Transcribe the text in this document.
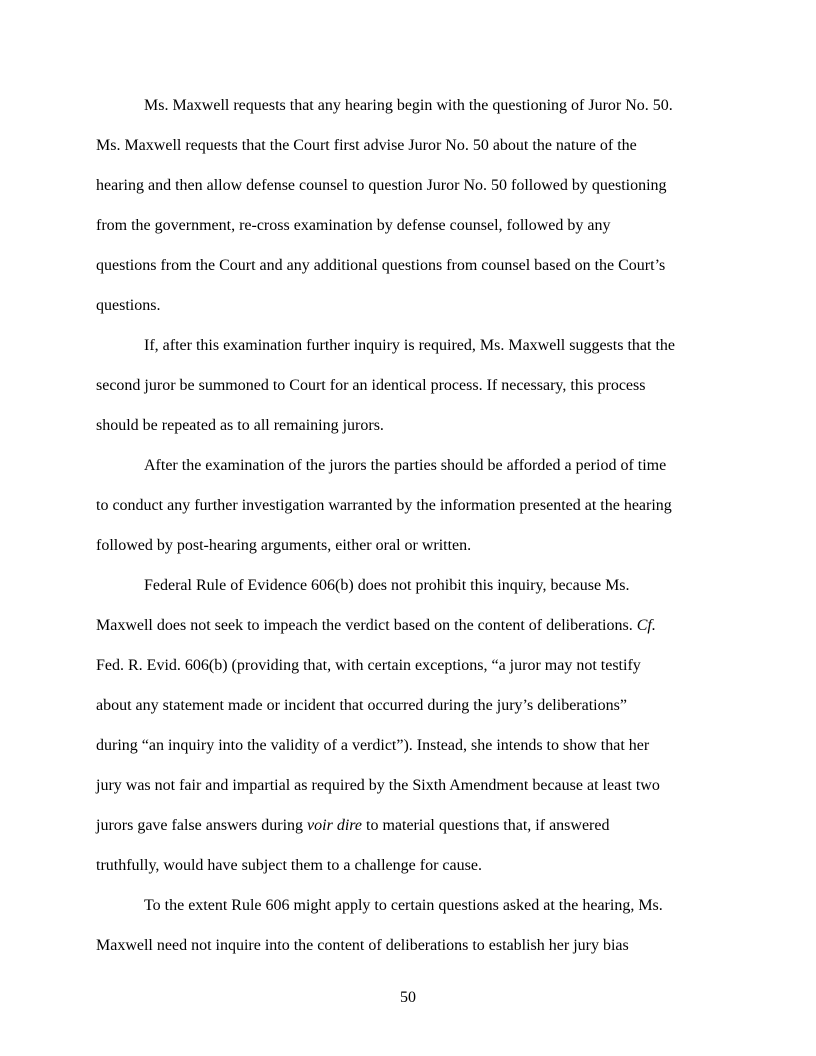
Ms. Maxwell requests that any hearing begin with the questioning of Juror No. 50.

Ms. Maxwell requests that the Court first advise Juror No. 50 about the nature of the

hearing and then allow defense counsel to question Juror No. 50 followed by questioning

from the government, re-cross examination by defense counsel, followed by any

questions from the Court and any additional questions from counsel based on the Court’s

questions.

If, after this examination further inquiry is required, Ms. Maxwell suggests that the

second juror be summoned to Court for an identical process. If necessary, this process

should be repeated as to all remaining jurors.

After the examination of the jurors the parties should be afforded a period of time

to conduct any further investigation warranted by the information presented at the hearing

followed by post-hearing arguments, either oral or written.

Federal Rule of Evidence 606(b) does not prohibit this inquiry, because Ms.

Maxwell does not seek to impeach the verdict based on the content of deliberations. Cf.

Fed. R. Evid. 606(b) (providing that, with certain exceptions, “a juror may not testify

about any statement made or incident that occurred during the jury’s deliberations”

during “an inquiry into the validity of a verdict”). Instead, she intends to show that her

jury was not fair and impartial as required by the Sixth Amendment because at least two

jurors gave false answers during voir dire to material questions that, if answered

truthfully, would have subject them to a challenge for cause.

To the extent Rule 606 might apply to certain questions asked at the hearing, Ms.

Maxwell need not inquire into the content of deliberations to establish her jury bias

50
